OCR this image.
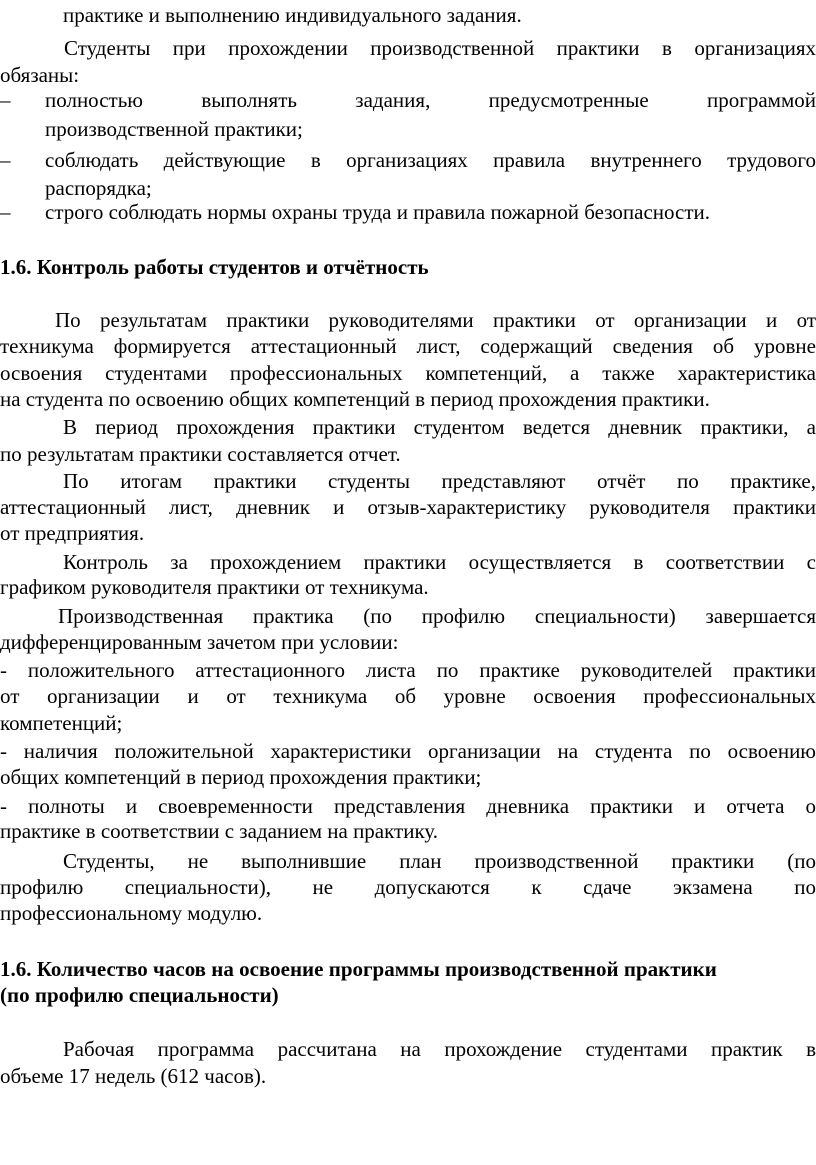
практике и выполнению индивидуального задания.
Студенты при прохождении производственной практики в организациях
обязаны:
– полностью выполнять задания, предусмотренные программой
производственной практики;
– соблюдать действующие в организациях правила внутреннего трудового
распорядка;
– строго соблюдать нормы охраны труда и правила пожарной безопасности.
1.6. Контроль работы студентов и отчётность
По результатам практики руководителями практики от организации и от
техникума формируется аттестационный лист, содержащий сведения об уровне
освоения студентами профессиональных компетенций, а также характеристика
на студента по освоению общих компетенций в период прохождения практики.
В период прохождения практики студентом ведется дневник практики, а
по результатам практики составляется отчет.
По итогам практики студенты представляют отчёт по практике,
аттестационный лист, дневник и отзыв-характеристику руководителя практики
от предприятия.
Контроль за прохождением практики осуществляется в соответствии с
графиком руководителя практики от техникума.
Производственная практика (по профилю специальности) завершается
дифференцированным зачетом при условии:
- положительного аттестационного листа по практике руководителей практики
от организации и от техникума об уровне освоения профессиональных
компетенций;
- наличия положительной характеристики организации на студента по освоению
общих компетенций в период прохождения практики;
- полноты и своевременности представления дневника практики и отчета о
практике в соответствии с заданием на практику.
Студенты, не выполнившие план производственной практики (по
профилю специальности), не допускаются к сдаче экзамена по
профессиональному модулю.
1.6. Количество часов на освоение программы производственной практики
(по профилю специальности)
Рабочая программа рассчитана на прохождение студентами практик в
объеме 17 недель (612 часов).
